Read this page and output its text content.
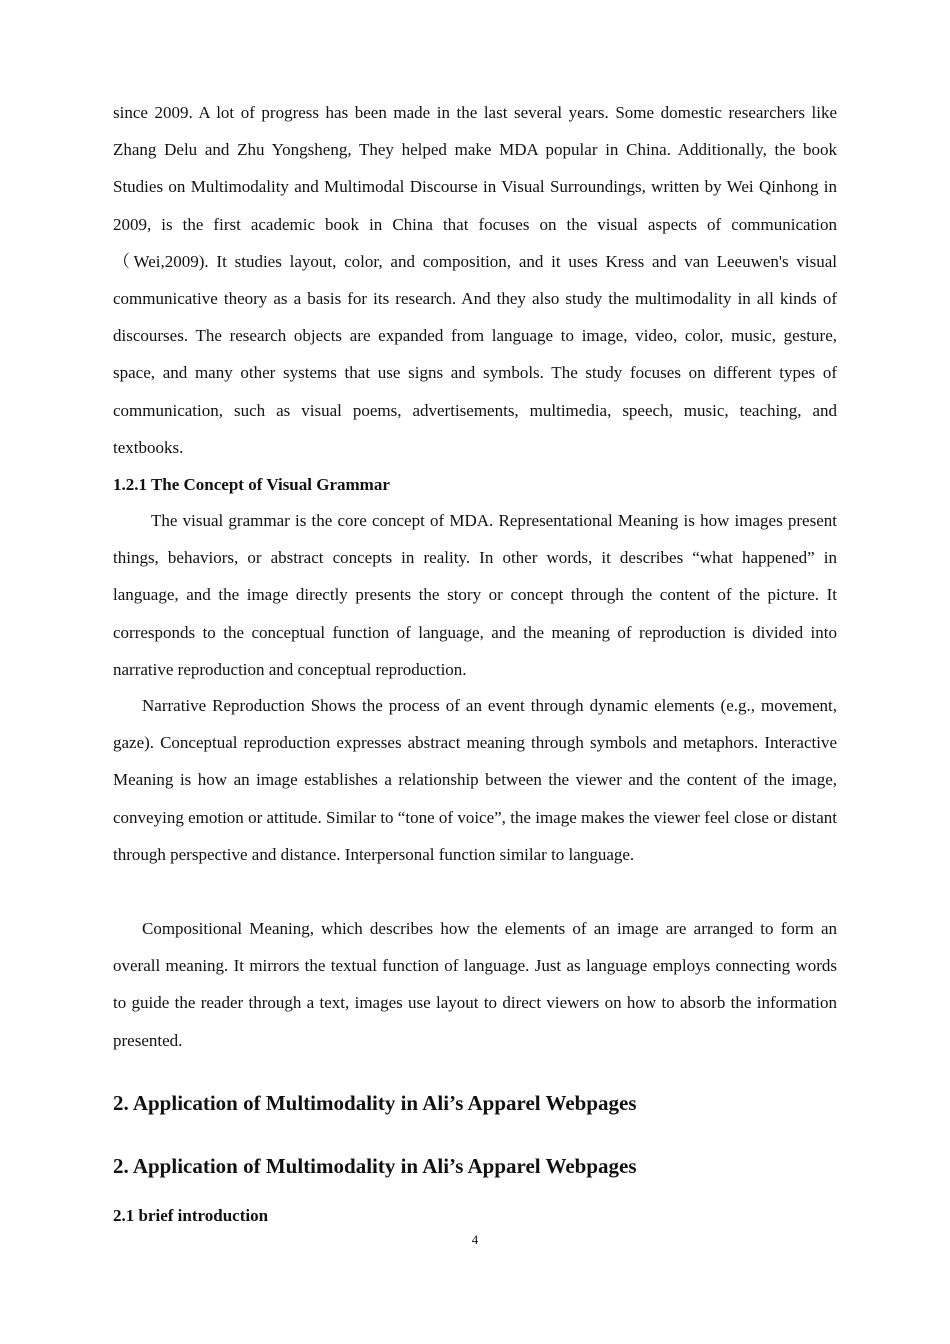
since 2009. A lot of progress has been made in the last several years. Some domestic researchers like Zhang Delu and Zhu Yongsheng, They helped make MDA popular in China. Additionally, the book Studies on Multimodality and Multimodal Discourse in Visual Surroundings, written by Wei Qinhong in 2009, is the first academic book in China that focuses on the visual aspects of communication（Wei,2009). It studies layout, color, and composition, and it uses Kress and van Leeuwen's visual communicative theory as a basis for its research. And they also study the multimodality in all kinds of discourses. The research objects are expanded from language to image, video, color, music, gesture, space, and many other systems that use signs and symbols. The study focuses on different types of communication, such as visual poems, advertisements, multimedia, speech, music, teaching, and textbooks.

1.2.1 The Concept of Visual Grammar

The visual grammar is the core concept of MDA. Representational Meaning is how images present things, behaviors, or abstract concepts in reality. In other words, it describes “what happened” in language, and the image directly presents the story or concept through the content of the picture. It corresponds to the conceptual function of language, and the meaning of reproduction is divided into narrative reproduction and conceptual reproduction.

Narrative Reproduction Shows the process of an event through dynamic elements (e.g., movement, gaze). Conceptual reproduction expresses abstract meaning through symbols and metaphors. Interactive Meaning is how an image establishes a relationship between the viewer and the content of the image, conveying emotion or attitude. Similar to “tone of voice”, the image makes the viewer feel close or distant through perspective and distance. Interpersonal function similar to language.

Compositional Meaning, which describes how the elements of an image are arranged to form an overall meaning. It mirrors the textual function of language. Just as language employs connecting words to guide the reader through a text, images use layout to direct viewers on how to absorb the information presented.

2. Application of Multimodality in Ali’s Apparel Webpages
2. Application of Multimodality in Ali’s Apparel Webpages
2.1 brief introduction
4
